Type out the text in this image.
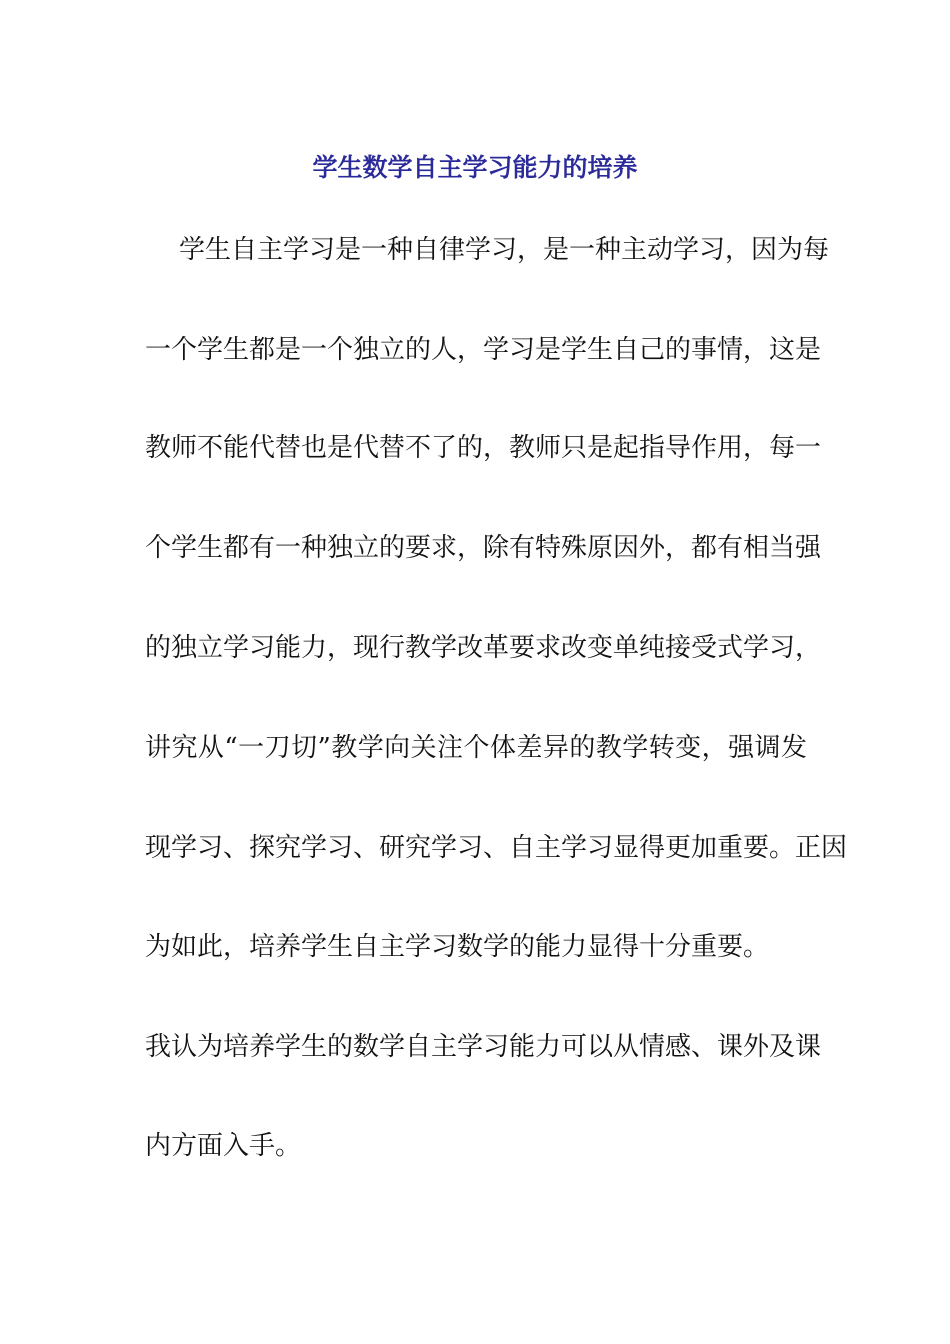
学生数学自主学习能力的培养
学生自主学习是一种自律学习，是一种主动学习，因为每
一个学生都是一个独立的人，学习是学生自己的事情，这是
教师不能代替也是代替不了的，教师只是起指导作用，每一
个学生都有一种独立的要求，除有特殊原因外，都有相当强
的独立学习能力，现行教学改革要求改变单纯接受式学习，
讲究从“一刀切”教学向关注个体差异的教学转变，强调发
现学习、探究学习、研究学习、自主学习显得更加重要。正因
为如此，培养学生自主学习数学的能力显得十分重要。
我认为培养学生的数学自主学习能力可以从情感、课外及课
内方面入手。
